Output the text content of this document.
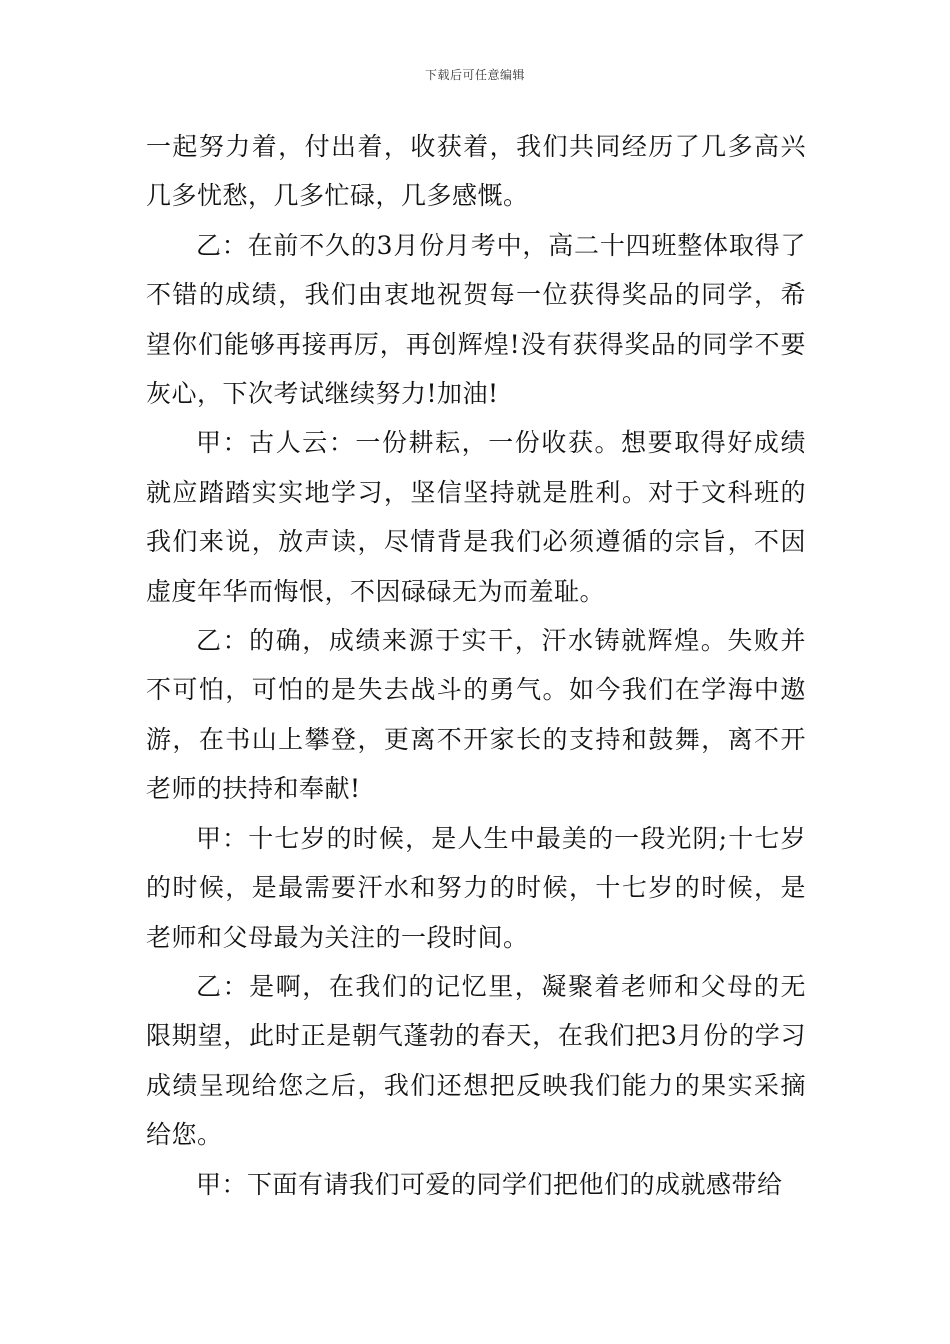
下载后可任意编辑

一起努力着，付出着，收获着，我们共同经历了几多高兴几多忧愁，几多忙碌，几多感慨。

乙：在前不久的3月份月考中，高二十四班整体取得了不错的成绩，我们由衷地祝贺每一位获得奖品的同学，希望你们能够再接再厉，再创辉煌!没有获得奖品的同学不要灰心，下次考试继续努力!加油!

甲：古人云：一份耕耘，一份收获。想要取得好成绩就应踏踏实实地学习，坚信坚持就是胜利。对于文科班的我们来说，放声读，尽情背是我们必须遵循的宗旨，不因虚度年华而悔恨，不因碌碌无为而羞耻。

乙：的确，成绩来源于实干，汗水铸就辉煌。失败并不可怕，可怕的是失去战斗的勇气。如今我们在学海中遨游，在书山上攀登，更离不开家长的支持和鼓舞，离不开老师的扶持和奉献!

甲：十七岁的时候，是人生中最美的一段光阴;十七岁的时候，是最需要汗水和努力的时候，十七岁的时候，是老师和父母最为关注的一段时间。

乙：是啊，在我们的记忆里，凝聚着老师和父母的无限期望，此时正是朝气蓬勃的春天，在我们把3月份的学习成绩呈现给您之后，我们还想把反映我们能力的果实采摘给您。

甲：下面有请我们可爱的同学们把他们的成就感带给
